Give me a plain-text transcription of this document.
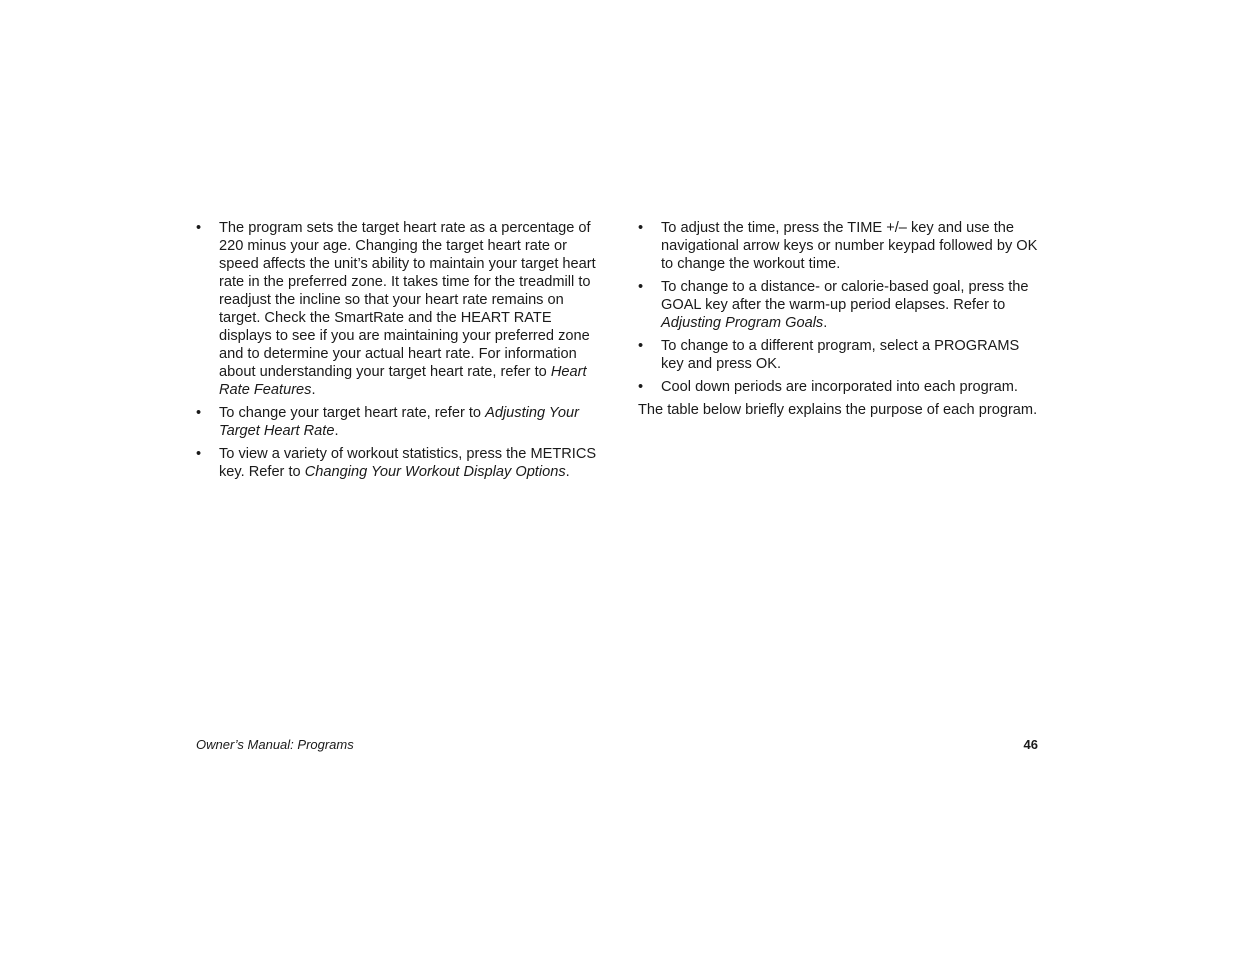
• The program sets the target heart rate as a percentage of 220 minus your age. Changing the target heart rate or speed affects the unit’s ability to maintain your target heart rate in the preferred zone. It takes time for the treadmill to readjust the incline so that your heart rate remains on target. Check the SmartRate and the HEART RATE displays to see if you are maintaining your preferred zone and to determine your actual heart rate. For information about understanding your target heart rate, refer to Heart Rate Features.
• To change your target heart rate, refer to Adjusting Your Target Heart Rate.
• To view a variety of workout statistics, press the METRICS key. Refer to Changing Your Workout Display Options.
• To adjust the time, press the TIME +/– key and use the navigational arrow keys or number keypad followed by OK to change the workout time.
• To change to a distance- or calorie-based goal, press the GOAL key after the warm-up period elapses. Refer to Adjusting Program Goals.
• To change to a different program, select a PROGRAMS key and press OK.
• Cool down periods are incorporated into each program.

The table below briefly explains the purpose of each program.

Owner’s Manual: Programs	46
